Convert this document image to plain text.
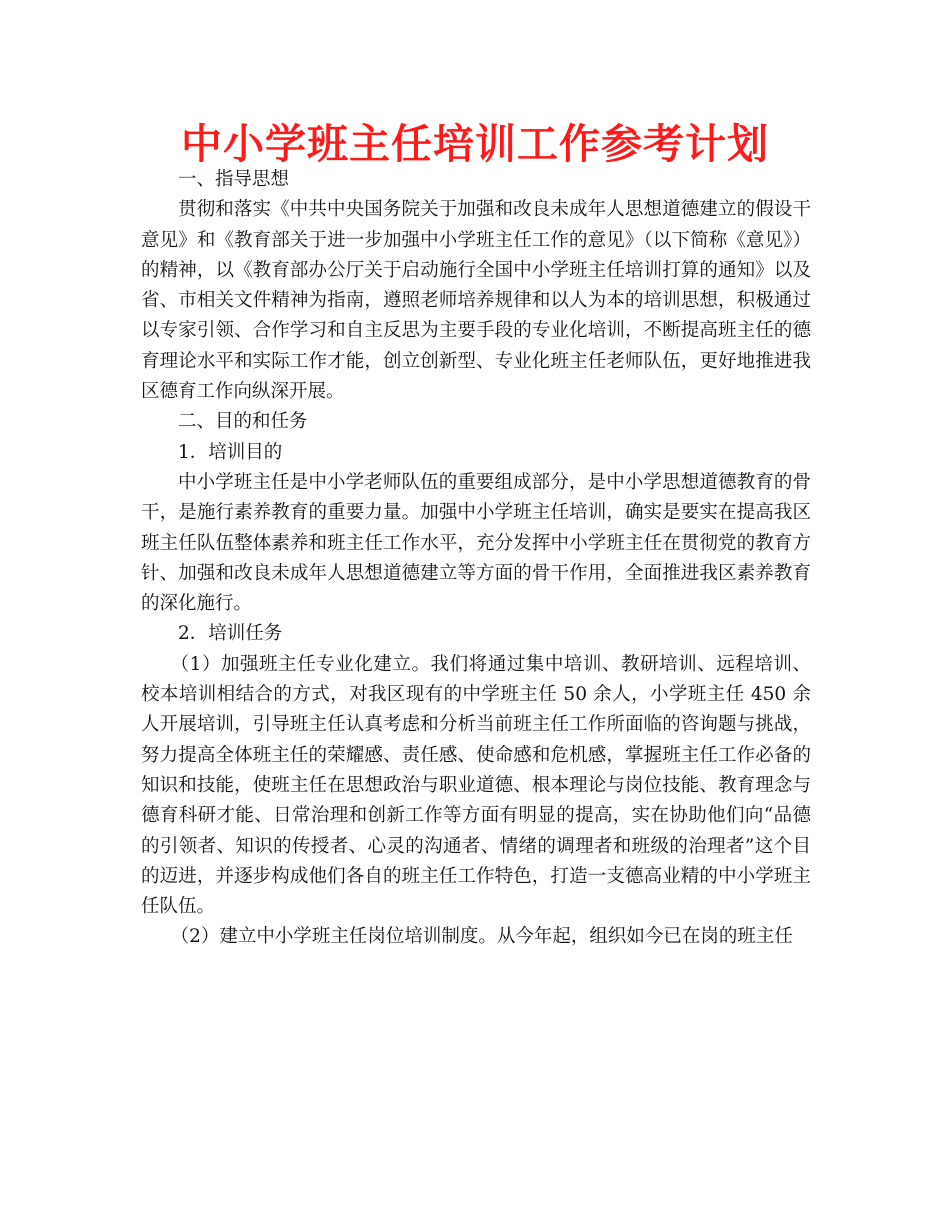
中小学班主任培训工作参考计划

一、指导思想

贯彻和落实《中共中央国务院关于加强和改良未成年人思想道德建立的假设干意见》和《教育部关于进一步加强中小学班主任工作的意见》（以下简称《意见》）的精神，以《教育部办公厅关于启动施行全国中小学班主任培训打算的通知》以及省、市相关文件精神为指南，遵照老师培养规律和以人为本的培训思想，积极通过以专家引领、合作学习和自主反思为主要手段的专业化培训，不断提高班主任的德育理论水平和实际工作才能，创立创新型、专业化班主任老师队伍，更好地推进我区德育工作向纵深开展。

二、目的和任务

1．培训目的

中小学班主任是中小学老师队伍的重要组成部分，是中小学思想道德教育的骨干，是施行素养教育的重要力量。加强中小学班主任培训，确实是要实在提高我区班主任队伍整体素养和班主任工作水平，充分发挥中小学班主任在贯彻党的教育方针、加强和改良未成年人思想道德建立等方面的骨干作用，全面推进我区素养教育的深化施行。

2．培训任务

（1）加强班主任专业化建立。我们将通过集中培训、教研培训、远程培训、校本培训相结合的方式，对我区现有的中学班主任 50 余人，小学班主任 450 余人开展培训，引导班主任认真考虑和分析当前班主任工作所面临的咨询题与挑战，努力提高全体班主任的荣耀感、责任感、使命感和危机感，掌握班主任工作必备的知识和技能，使班主任在思想政治与职业道德、根本理论与岗位技能、教育理念与德育科研才能、日常治理和创新工作等方面有明显的提高，实在协助他们向“品德的引领者、知识的传授者、心灵的沟通者、情绪的调理者和班级的治理者”这个目的迈进，并逐步构成他们各自的班主任工作特色，打造一支德高业精的中小学班主任队伍。

（2）建立中小学班主任岗位培训制度。从今年起，组织如今已在岗的班主任
